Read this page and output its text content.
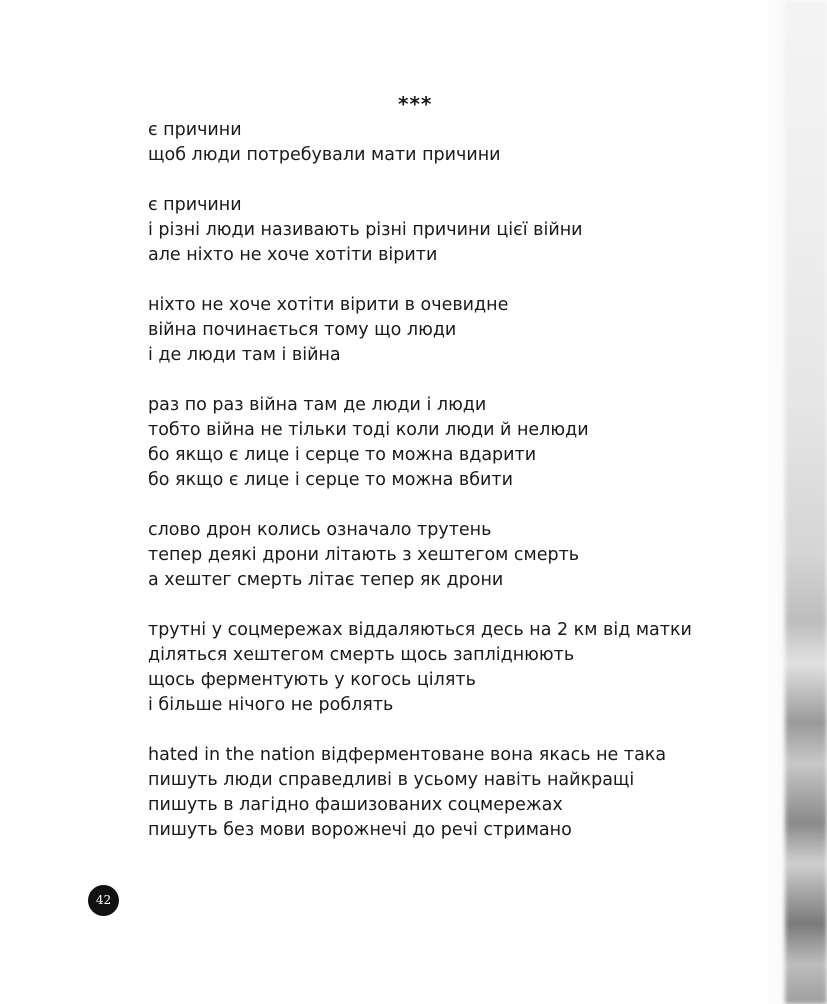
***
є причини
щоб люди потребували мати причини
є причини
і різні люди називають різні причини цієї війни
але ніхто не хоче хотіти вірити
ніхто не хоче хотіти вірити в очевидне
війна починається тому що люди
і де люди там і війна
раз по раз війна там де люди і люди
тобто війна не тільки тоді коли люди й нелюди
бо якщо є лице і серце то можна вдарити
бо якщо є лице і серце то можна вбити
слово дрон колись означало трутень
тепер деякі дрони літають з хештегом смерть
а хештег смерть літає тепер як дрони
трутні у соцмережах віддаляються десь на 2 км від матки
діляться хештегом смерть щось запліднюють
щось ферментують у когось цілять
і більше нічого не роблять
hated in the nation відферментоване вона якась не така
пишуть люди справедливі в усьому навіть найкращі
пишуть в лагідно фашизованих соцмережах
пишуть без мови ворожнечі до речі стримано
42
